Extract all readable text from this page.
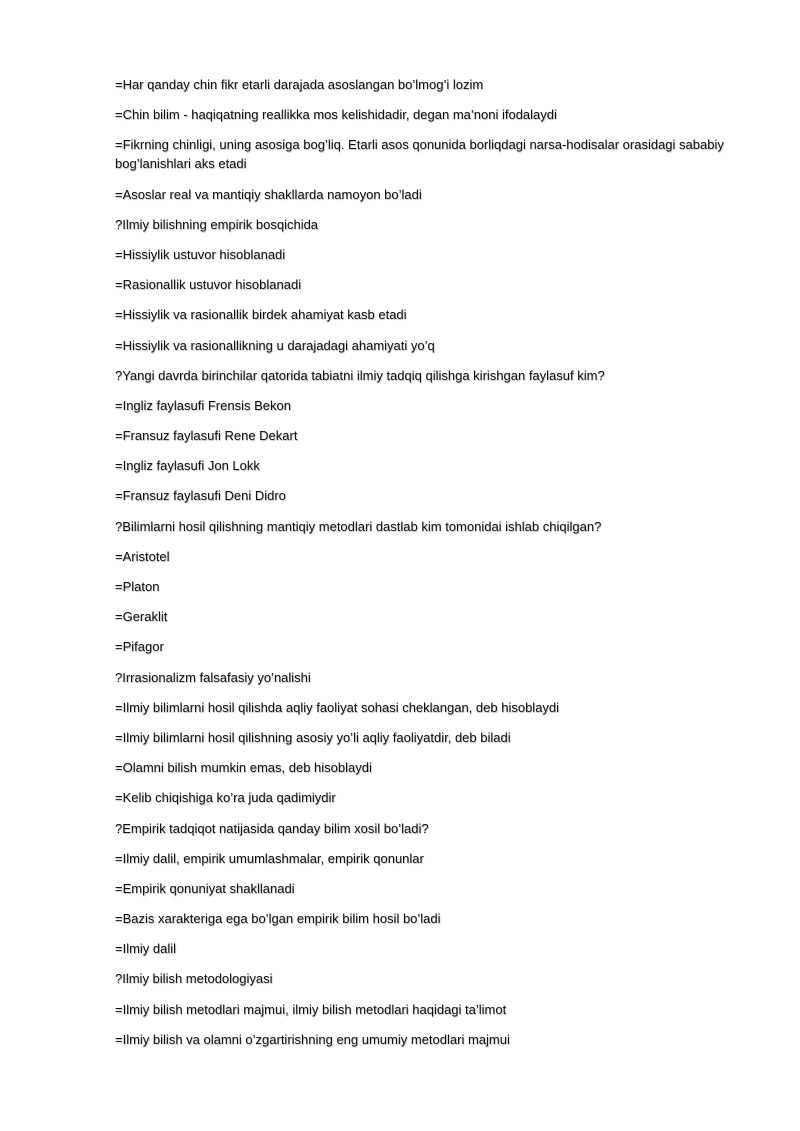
=Har qanday chin fikr etarli darajada asoslangan bo’lmog’i lozim
=Chin bilim - haqiqatning reallikka mos kelishidadir, degan ma’noni ifodalaydi
=Fikrning chinligi, uning asosiga bog’liq. Etarli asos qonunida borliqdagi narsa-hodisalar orasidagi sababiy bog’lanishlari aks etadi
=Asoslar real va mantiqiy shakllarda namoyon bo’ladi
?Ilmiy bilishning empirik bosqichida
=Hissiylik ustuvor hisoblanadi
=Rasionallik ustuvor hisoblanadi
=Hissiylik va rasionallik birdek ahamiyat kasb etadi
=Hissiylik va rasionallikning u darajadagi ahamiyati yo’q
?Yangi davrda birinchilar qatorida tabiatni ilmiy tadqiq qilishga kirishgan faylasuf kim?
=Ingliz faylasufi Frensis Bekon
=Fransuz faylasufi Rene Dekart
=Ingliz faylasufi Jon Lokk
=Fransuz faylasufi Deni Didro
?Bilimlarni hosil qilishning mantiqiy metodlari dastlab kim tomonidai ishlab chiqilgan?
=Aristotel
=Platon
=Geraklit
=Pifagor
?Irrasionalizm falsafasiy yo’nalishi
=Ilmiy bilimlarni hosil qilishda aqliy faoliyat sohasi cheklangan, deb hisoblaydi
=Ilmiy bilimlarni hosil qilishning asosiy yo’li aqliy faoliyatdir, deb biladi
=Olamni bilish mumkin emas, deb hisoblaydi
=Kelib chiqishiga ko’ra juda qadimiydir
?Empirik tadqiqot natijasida qanday bilim xosil bo’ladi?
=Ilmiy dalil, empirik umumlashmalar, empirik qonunlar
=Empirik qonuniyat shakllanadi
=Bazis xarakteriga ega bo’lgan empirik bilim hosil bo’ladi
=Ilmiy dalil
?Ilmiy bilish metodologiyasi
=Ilmiy bilish metodlari majmui, ilmiy bilish metodlari haqidagi ta’limot
=Ilmiy bilish va olamni o’zgartirishning eng umumiy metodlari majmui
